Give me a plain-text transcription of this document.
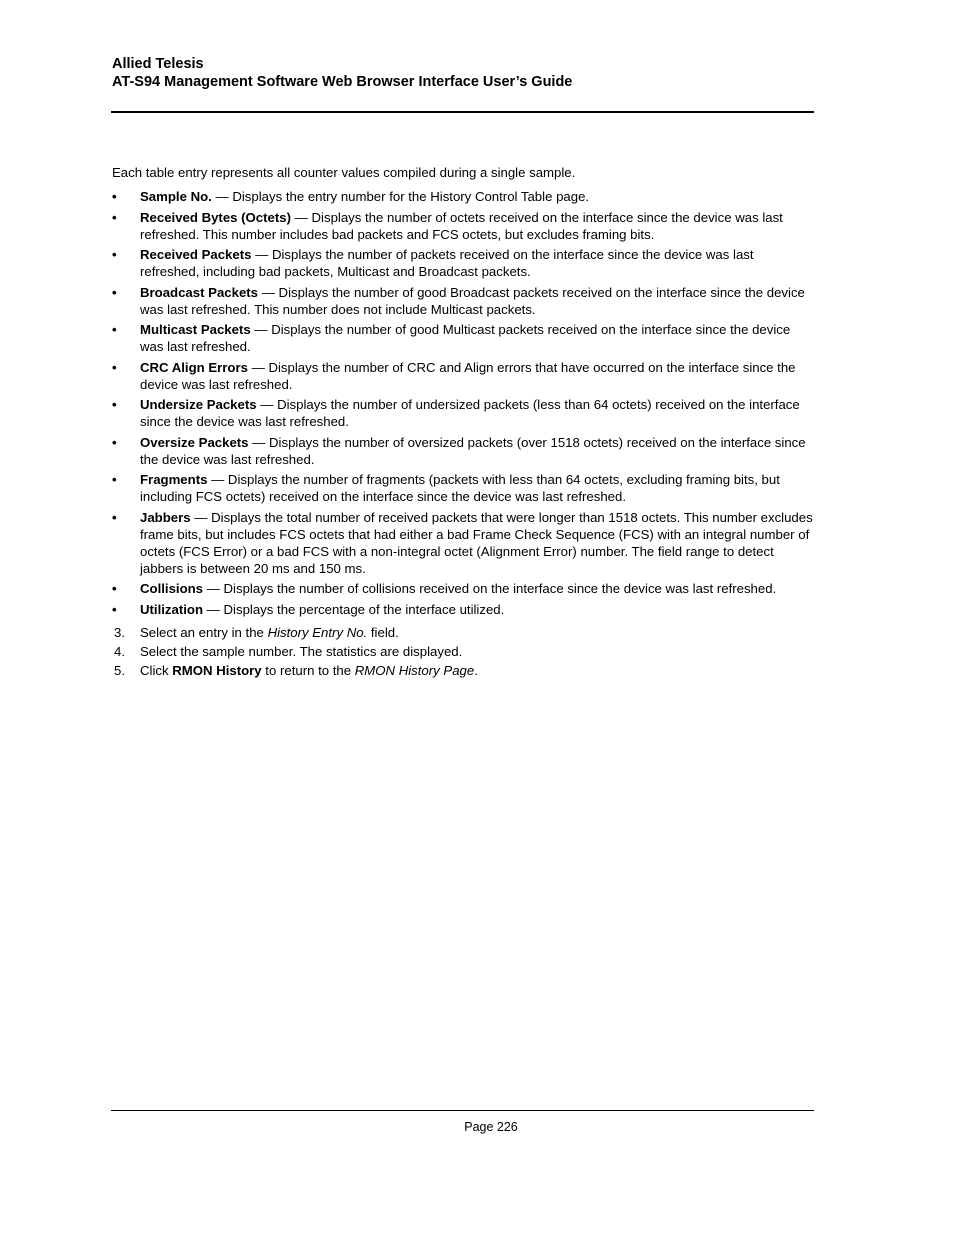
Allied Telesis
AT-S94 Management Software Web Browser Interface User’s Guide

Each table entry represents all counter values compiled during a single sample.

• Sample No. — Displays the entry number for the History Control Table page.
• Received Bytes (Octets) — Displays the number of octets received on the interface since the device was last refreshed. This number includes bad packets and FCS octets, but excludes framing bits.
• Received Packets — Displays the number of packets received on the interface since the device was last refreshed, including bad packets, Multicast and Broadcast packets.
• Broadcast Packets — Displays the number of good Broadcast packets received on the interface since the device was last refreshed. This number does not include Multicast packets.
• Multicast Packets — Displays the number of good Multicast packets received on the interface since the device was last refreshed.
• CRC Align Errors — Displays the number of CRC and Align errors that have occurred on the interface since the device was last refreshed.
• Undersize Packets — Displays the number of undersized packets (less than 64 octets) received on the interface since the device was last refreshed.
• Oversize Packets — Displays the number of oversized packets (over 1518 octets) received on the interface since the device was last refreshed.
• Fragments — Displays the number of fragments (packets with less than 64 octets, excluding framing bits, but including FCS octets) received on the interface since the device was last refreshed.
• Jabbers — Displays the total number of received packets that were longer than 1518 octets. This number excludes frame bits, but includes FCS octets that had either a bad Frame Check Sequence (FCS) with an integral number of octets (FCS Error) or a bad FCS with a non-integral octet (Alignment Error) number. The field range to detect jabbers is between 20 ms and 150 ms.
• Collisions — Displays the number of collisions received on the interface since the device was last refreshed.
• Utilization — Displays the percentage of the interface utilized.
3. Select an entry in the History Entry No. field.
4. Select the sample number. The statistics are displayed.
5. Click RMON History to return to the RMON History Page.
Page 226
